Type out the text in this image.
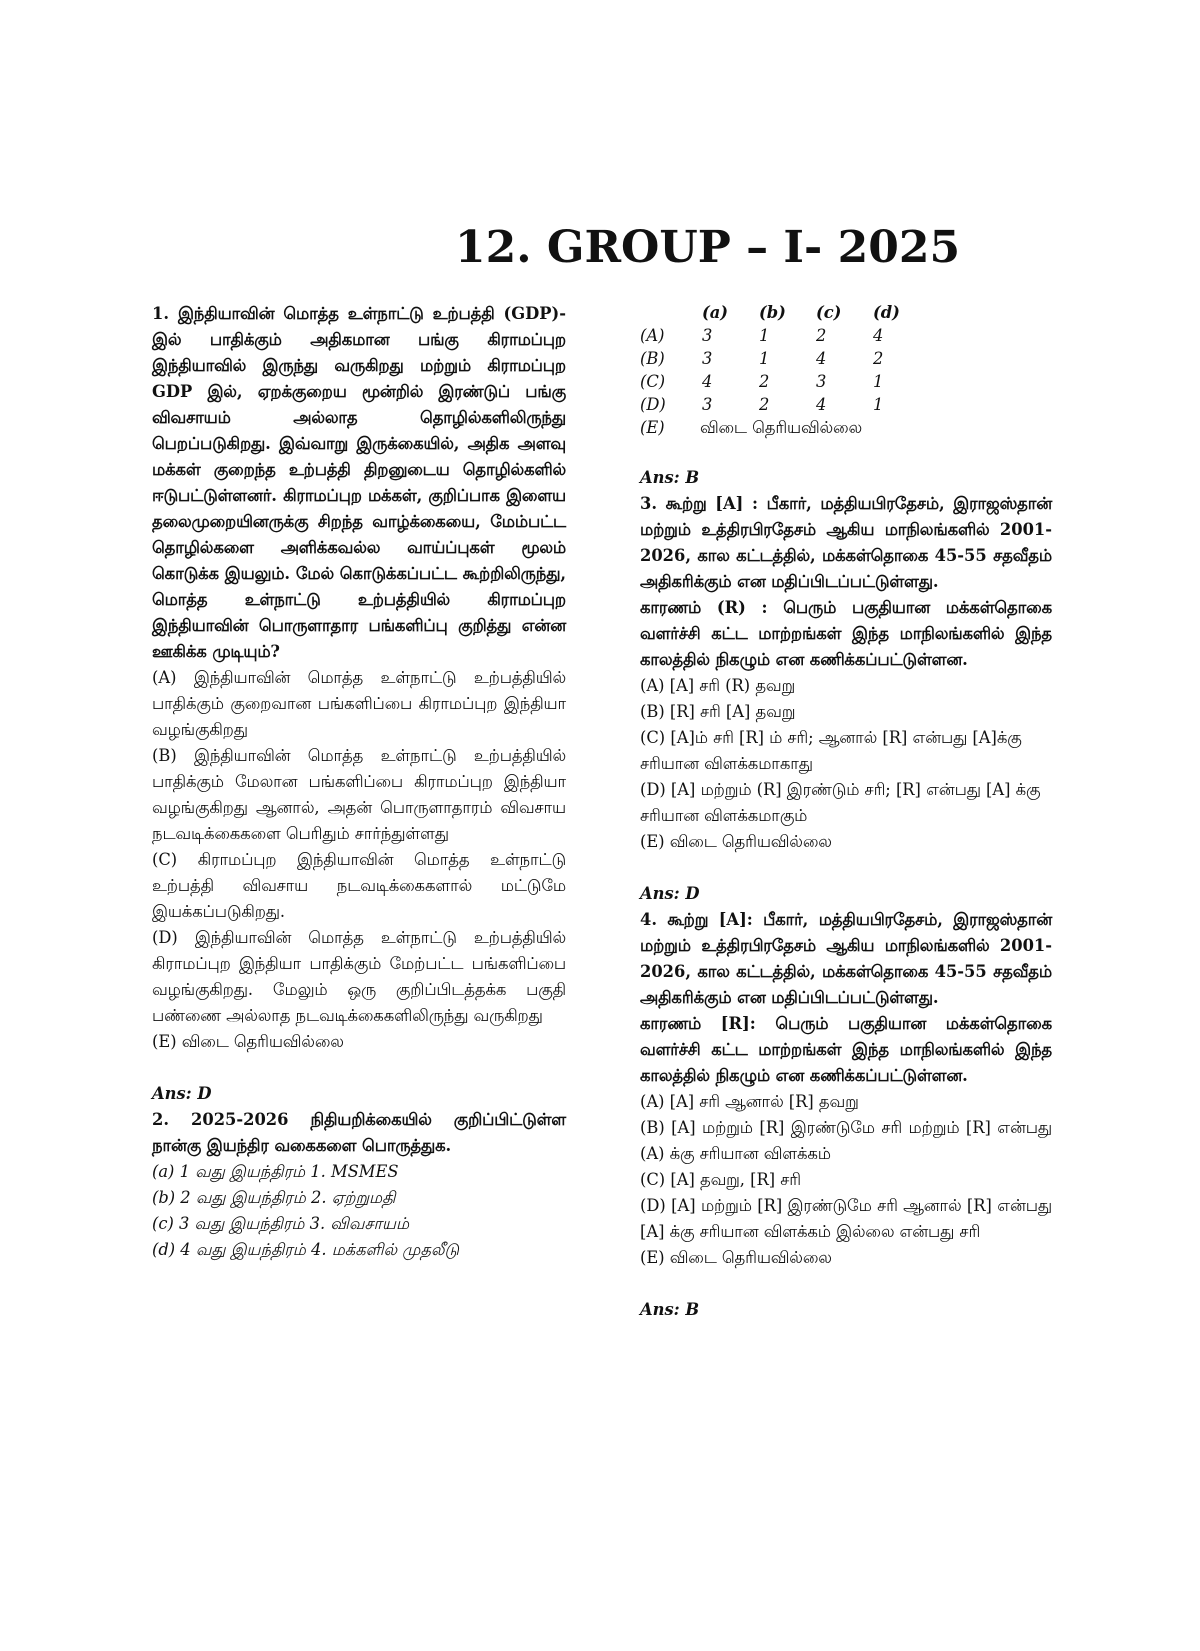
12. GROUP – I- 2025

1. இந்தியாவின் மொத்த உள்நாட்டு உற்பத்தி (GDP)-இல் பாதிக்கும் அதிகமான பங்கு கிராமப்புற இந்தியாவில் இருந்து வருகிறது மற்றும் கிராமப்புற GDP இல், ஏறக்குறைய மூன்றில் இரண்டுப் பங்கு விவசாயம் அல்லாத தொழில்களிலிருந்து பெறப்படுகிறது. இவ்வாறு இருக்கையில், அதிக அளவு மக்கள் குறைந்த உற்பத்தி திறனுடைய தொழில்களில் ஈடுபட்டுள்ளனர். கிராமப்புற மக்கள், குறிப்பாக இளைய தலைமுறையினருக்கு சிறந்த வாழ்க்கையை, மேம்பட்ட தொழில்களை அளிக்கவல்ல வாய்ப்புகள் மூலம் கொடுக்க இயலும். மேல் கொடுக்கப்பட்ட கூற்றிலிருந்து, மொத்த உள்நாட்டு உற்பத்தியில் கிராமப்புற இந்தியாவின் பொருளாதார பங்களிப்பு குறித்து என்ன ஊகிக்க முடியும்?

(A) இந்தியாவின் மொத்த உள்நாட்டு உற்பத்தியில் பாதிக்கும் குறைவான பங்களிப்பை கிராமப்புற இந்தியா வழங்குகிறது

(B) இந்தியாவின் மொத்த உள்நாட்டு உற்பத்தியில் பாதிக்கும் மேலான பங்களிப்பை கிராமப்புற இந்தியா வழங்குகிறது ஆனால், அதன் பொருளாதாரம் விவசாய நடவடிக்கைகளை பெரிதும் சார்ந்துள்ளது

(C) கிராமப்புற இந்தியாவின் மொத்த உள்நாட்டு உற்பத்தி விவசாய நடவடிக்கைகளால் மட்டுமே இயக்கப்படுகிறது.

(D) இந்தியாவின் மொத்த உள்நாட்டு உற்பத்தியில் கிராமப்புற இந்தியா பாதிக்கும் மேற்பட்ட பங்களிப்பை வழங்குகிறது. மேலும் ஒரு குறிப்பிடத்தக்க பகுதி பண்ணை அல்லாத நடவடிக்கைகளிலிருந்து வருகிறது

(E) விடை தெரியவில்லை

Ans: D

2. 2025-2026 நிதியறிக்கையில் குறிப்பிட்டுள்ள நான்கு இயந்திர வகைகளை பொருத்துக.

(a) 1 வது இயந்திரம் 1. MSMES

(b) 2 வது இயந்திரம் 2. ஏற்றுமதி

(c) 3 வது இயந்திரம் 3. விவசாயம்

(d) 4 வது இயந்திரம் 4. மக்களில் முதலீடு

	(a)	(b)	(c)	(d)
(A)	3	1	2	4
(B)	3	1	4	2
(C)	4	2	3	1
(D)	3	2	4	1
(E)	விடை தெரியவில்லை			

Ans: B

3. கூற்று [A] : பீகார், மத்தியபிரதேசம், இராஜஸ்தான் மற்றும் உத்திரபிரதேசம் ஆகிய மாநிலங்களில் 2001-2026, கால கட்டத்தில், மக்கள்தொகை 45-55 சதவீதம் அதிகரிக்கும் என மதிப்பிடப்பட்டுள்ளது.

காரணம் (R) : பெரும் பகுதியான மக்கள்தொகை வளர்ச்சி கட்ட மாற்றங்கள் இந்த மாநிலங்களில் இந்த காலத்தில் நிகழும் என கணிக்கப்பட்டுள்ளன.

(A) [A] சரி (R) தவறு

(B) [R] சரி [A] தவறு

(C) [A]ம் சரி [R] ம் சரி; ஆனால் [R] என்பது [A]க்கு சரியான விளக்கமாகாது

(D) [A] மற்றும் (R] இரண்டும் சரி; [R] என்பது [A] க்கு சரியான விளக்கமாகும்

(E) விடை தெரியவில்லை

Ans: D

4. கூற்று [A]: பீகார், மத்தியபிரதேசம், இராஜஸ்தான் மற்றும் உத்திரபிரதேசம் ஆகிய மாநிலங்களில் 2001-2026, கால கட்டத்தில், மக்கள்தொகை 45-55 சதவீதம் அதிகரிக்கும் என மதிப்பிடப்பட்டுள்ளது.

காரணம் [R]: பெரும் பகுதியான மக்கள்தொகை வளர்ச்சி கட்ட மாற்றங்கள் இந்த மாநிலங்களில் இந்த காலத்தில் நிகழும் என கணிக்கப்பட்டுள்ளன.

(A) [A] சரி ஆனால் [R] தவறு

(B) [A] மற்றும் [R] இரண்டுமே சரி மற்றும் [R] என்பது (A) க்கு சரியான விளக்கம்

(C) [A] தவறு, [R] சரி

(D) [A] மற்றும் [R] இரண்டுமே சரி ஆனால் [R] என்பது [A] க்கு சரியான விளக்கம் இல்லை என்பது சரி

(E) விடை தெரியவில்லை

Ans: B
